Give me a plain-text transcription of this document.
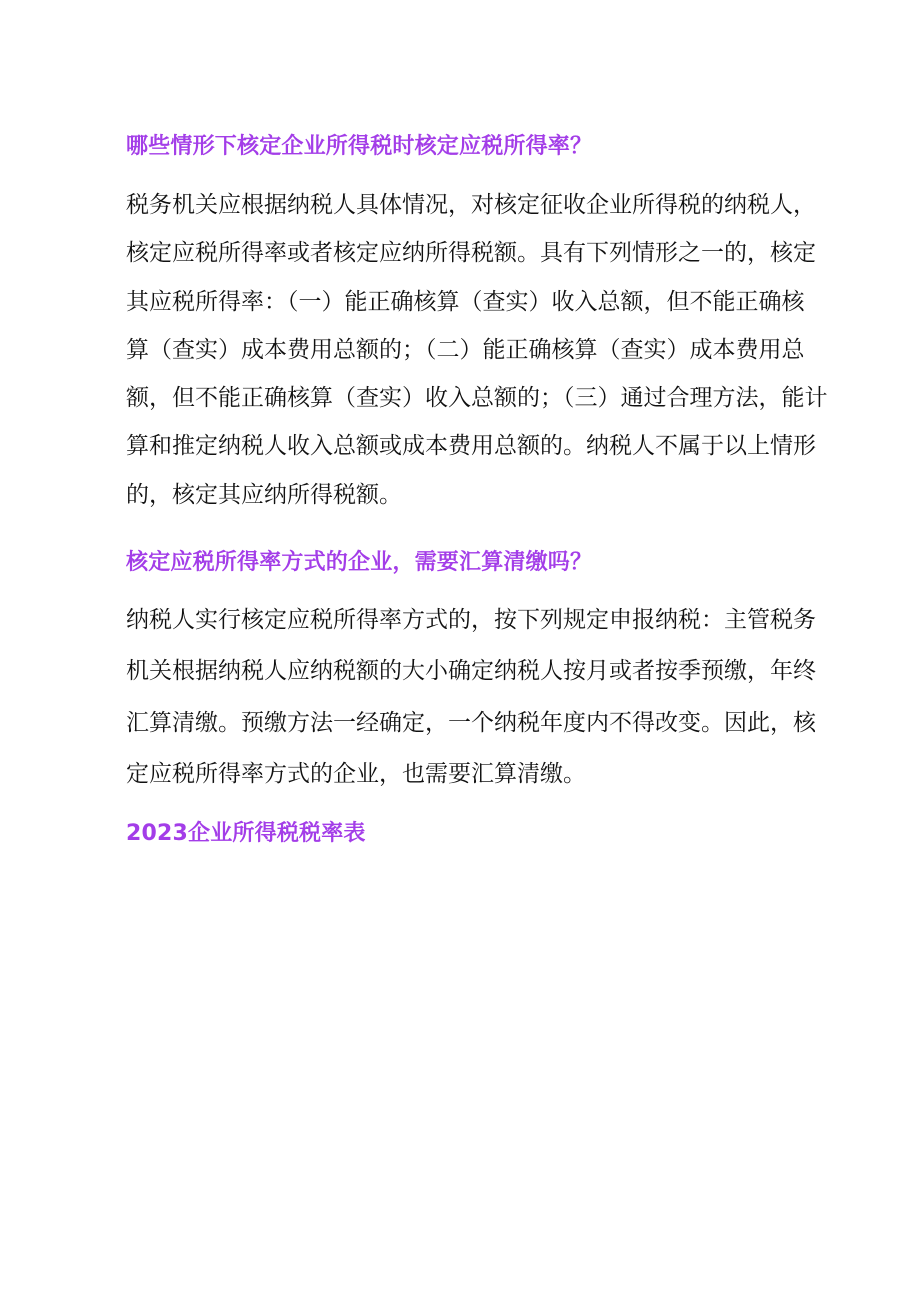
哪些情形下核定企业所得税时核定应税所得率？
税务机关应根据纳税人具体情况，对核定征收企业所得税的纳税人，
核定应税所得率或者核定应纳所得税额。具有下列情形之一的，核定
其应税所得率：（一）能正确核算（查实）收入总额，但不能正确核
算（查实）成本费用总额的；（二）能正确核算（查实）成本费用总
额，但不能正确核算（查实）收入总额的；（三）通过合理方法，能计
算和推定纳税人收入总额或成本费用总额的。纳税人不属于以上情形
的，核定其应纳所得税额。
核定应税所得率方式的企业，需要汇算清缴吗？
纳税人实行核定应税所得率方式的，按下列规定申报纳税：主管税务
机关根据纳税人应纳税额的大小确定纳税人按月或者按季预缴，年终
汇算清缴。预缴方法一经确定，一个纳税年度内不得改变。因此，核
定应税所得率方式的企业，也需要汇算清缴。
2023企业所得税税率表
